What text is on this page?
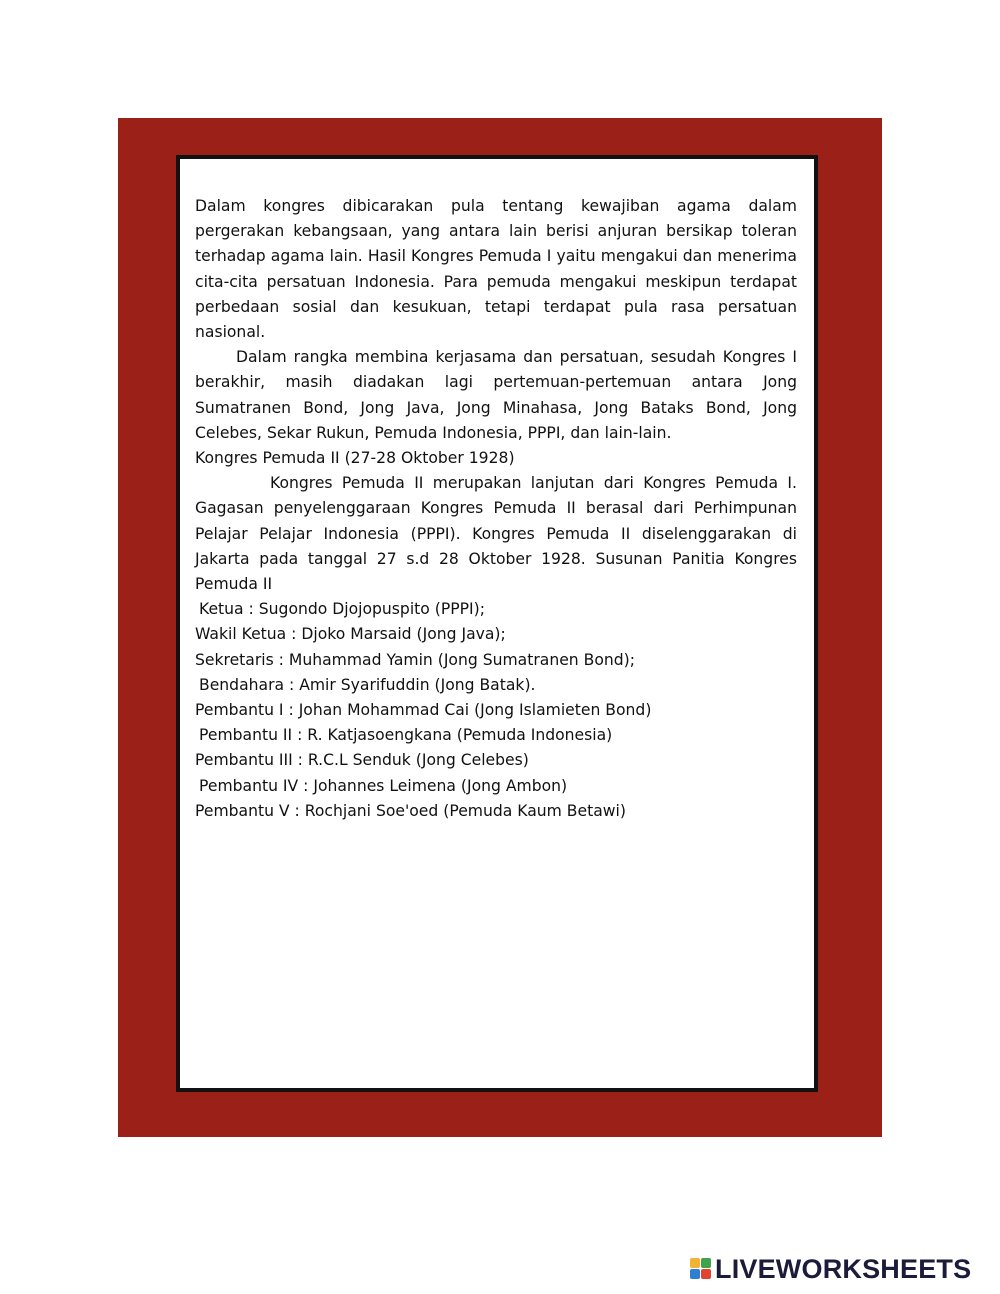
Dalam kongres dibicarakan pula tentang kewajiban agama dalam pergerakan kebangsaan, yang antara lain berisi anjuran bersikap toleran terhadap agama lain. Hasil Kongres Pemuda I yaitu mengakui dan menerima cita-cita persatuan Indonesia. Para pemuda mengakui meskipun terdapat perbedaan sosial dan kesukuan, tetapi terdapat pula rasa persatuan nasional.

Dalam rangka membina kerjasama dan persatuan, sesudah Kongres I berakhir, masih diadakan lagi pertemuan-pertemuan antara Jong Sumatranen Bond, Jong Java, Jong Minahasa, Jong Bataks Bond, Jong Celebes, Sekar Rukun, Pemuda Indonesia, PPPI, dan lain-lain.

Kongres Pemuda II (27-28 Oktober 1928)

Kongres Pemuda II merupakan lanjutan dari Kongres Pemuda I. Gagasan penyelenggaraan Kongres Pemuda II berasal dari Perhimpunan Pelajar Pelajar Indonesia (PPPI). Kongres Pemuda II diselenggarakan di Jakarta pada tanggal 27 s.d 28 Oktober 1928. Susunan Panitia Kongres Pemuda II

Ketua : Sugondo Djojopuspito (PPPI);

Wakil Ketua : Djoko Marsaid (Jong Java);

Sekretaris : Muhammad Yamin (Jong Sumatranen Bond);

Bendahara : Amir Syarifuddin (Jong Batak).

Pembantu I : Johan Mohammad Cai (Jong Islamieten Bond)

Pembantu II : R. Katjasoengkana (Pemuda Indonesia)

Pembantu III : R.C.L Senduk (Jong Celebes)

Pembantu IV : Johannes Leimena (Jong Ambon)

Pembantu V : Rochjani Soe'oed (Pemuda Kaum Betawi)

LIVEWORKSHEETS
